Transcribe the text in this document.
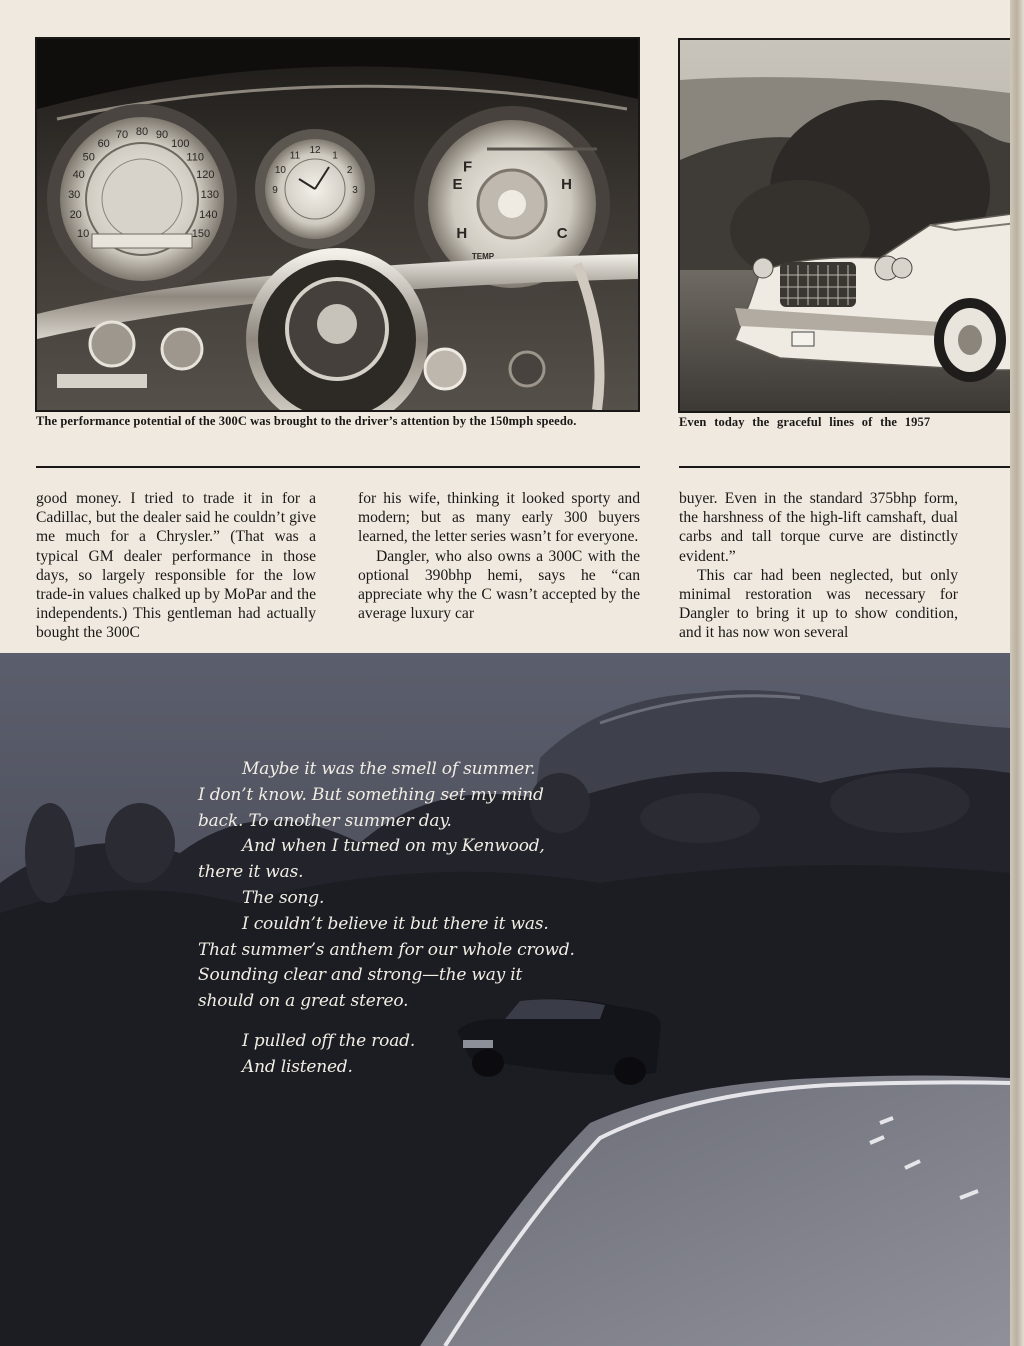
10
20
30
40
50
60
70 80 90
100
110
120
130
140
150
12 1
2
3
9
10
11
F
E	H
C
H
TEMP
The performance potential of the 300C was brought to the driver’s attention by the 150mph speedo.	Even today the graceful lines of the 1957

good money. I tried to trade it in for a Cadillac, but the dealer said he couldn’t give me much for a Chrysler.” (That was a typical GM dealer performance in those days, so largely responsible for the low trade-in values chalked up by MoPar and the independents.) This gentleman had actually bought the 300C

for his wife, thinking it looked sporty and modern; but as many early 300 buyers learned, the letter series wasn’t for everyone.

Dangler, who also owns a 300C with the optional 390bhp hemi, says he “can appreciate why the C wasn’t accepted by the average luxury car

buyer. Even in the standard 375bhp form, the harshness of the high-lift camshaft, dual carbs and tall torque curve are distinctly evident.”

This car had been neglected, but only minimal restoration was necessary for Dangler to bring it up to show condition, and it has now won several

Maybe it was the smell of summer.
I don’t know. But something set my mind
back. To another summer day.
And when I turned on my Kenwood,
there it was.
The song.
I couldn’t believe it but there it was.
That summer’s anthem for our whole crowd.
Sounding clear and strong—the way it
should on a great stereo.
I pulled off the road.
And listened.
